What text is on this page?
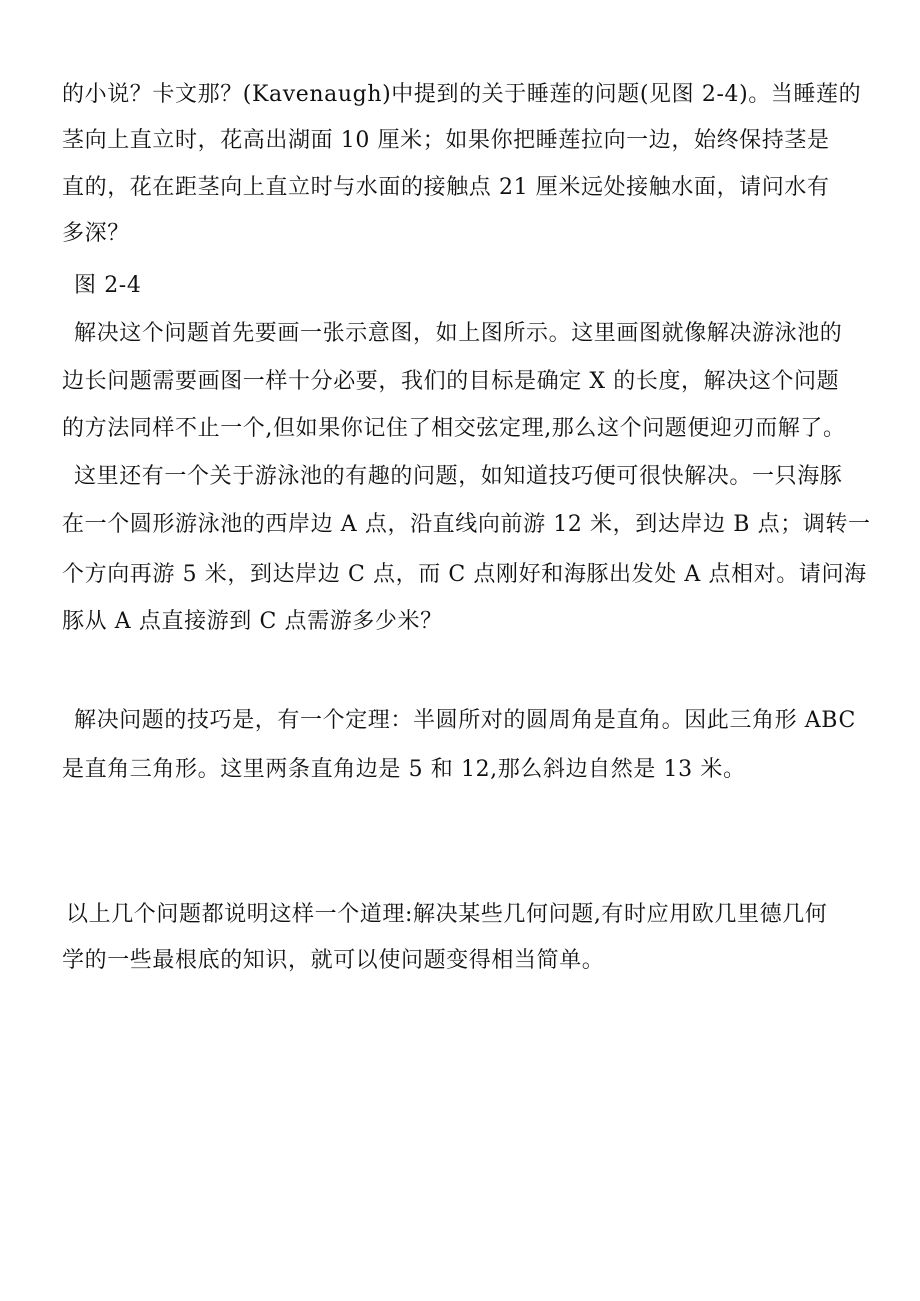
的小说？卡文那？(Kavenaugh)中提到的关于睡莲的问题(见图 2-4)。当睡莲的
茎向上直立时，花高出湖面 10 厘米；如果你把睡莲拉向一边，始终保持茎是
直的，花在距茎向上直立时与水面的接触点 21 厘米远处接触水面，请问水有
多深？
图 2-4
解决这个问题首先要画一张示意图，如上图所示。这里画图就像解决游泳池的
边长问题需要画图一样十分必要，我们的目标是确定 X 的长度，解决这个问题
的方法同样不止一个,但如果你记住了相交弦定理,那么这个问题便迎刃而解了。
这里还有一个关于游泳池的有趣的问题，如知道技巧便可很快解决。一只海豚
在一个圆形游泳池的西岸边 A 点，沿直线向前游 12 米，到达岸边 B 点；调转一
个方向再游 5 米，到达岸边 C 点，而 C 点刚好和海豚出发处 A 点相对。请问海
豚从 A 点直接游到 C 点需游多少米？
解决问题的技巧是，有一个定理：半圆所对的圆周角是直角。因此三角形 ABC
是直角三角形。这里两条直角边是 5 和 12,那么斜边自然是 13 米。
以上几个问题都说明这样一个道理:解决某些几何问题,有时应用欧几里德几何
学的一些最根底的知识，就可以使问题变得相当简单。
